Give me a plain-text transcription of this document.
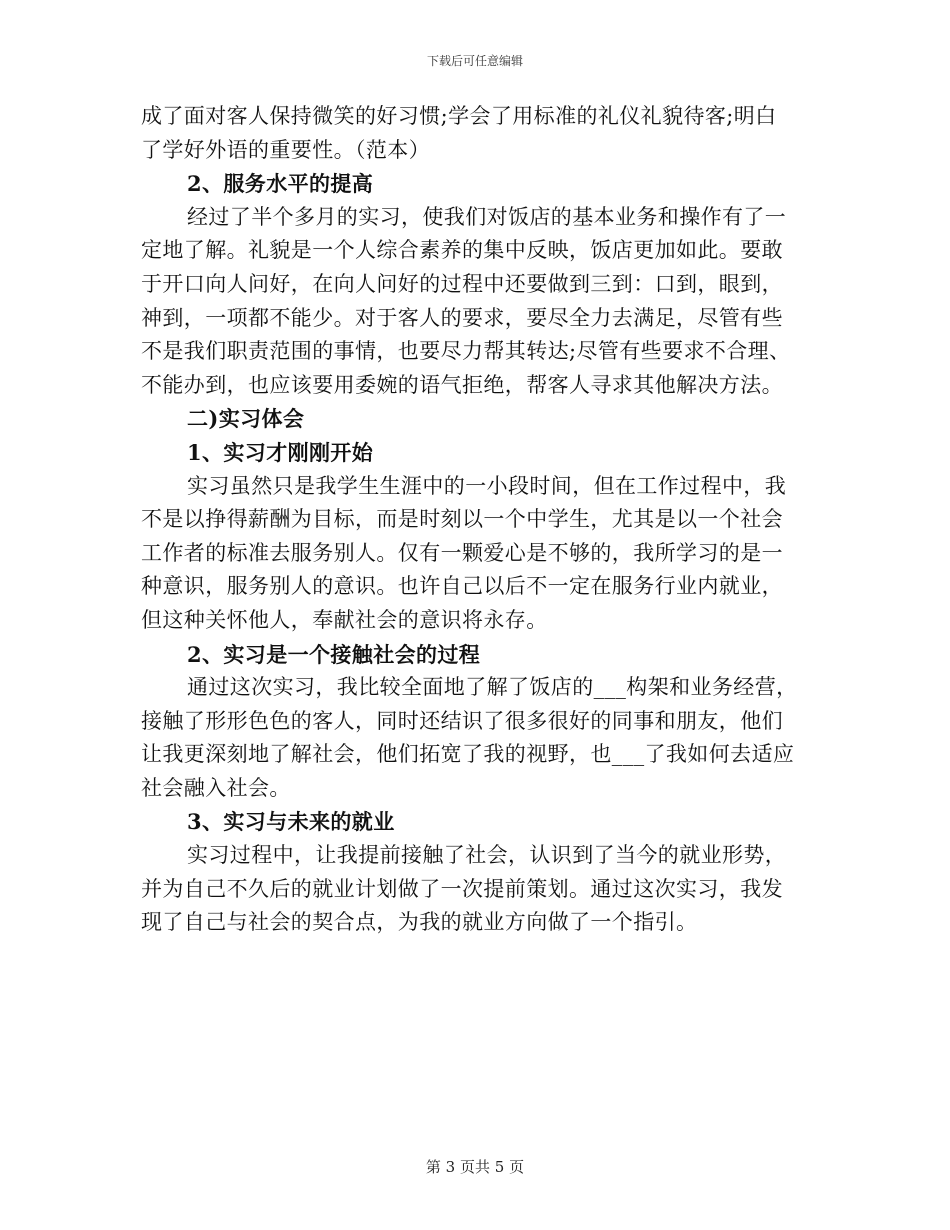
下载后可任意编辑
成了面对客人保持微笑的好习惯;学会了用标准的礼仪礼貌待客;明白
了学好外语的重要性。（范本）
2、服务水平的提高
经过了半个多月的实习，使我们对饭店的基本业务和操作有了一
定地了解。礼貌是一个人综合素养的集中反映，饭店更加如此。要敢
于开口向人问好，在向人问好的过程中还要做到三到：口到，眼到，
神到，一项都不能少。对于客人的要求，要尽全力去满足，尽管有些
不是我们职责范围的事情，也要尽力帮其转达;尽管有些要求不合理、
不能办到，也应该要用委婉的语气拒绝，帮客人寻求其他解决方法。
二)实习体会
1、实习才刚刚开始
实习虽然只是我学生生涯中的一小段时间，但在工作过程中，我
不是以挣得薪酬为目标，而是时刻以一个中学生，尤其是以一个社会
工作者的标准去服务别人。仅有一颗爱心是不够的，我所学习的是一
种意识，服务别人的意识。也许自己以后不一定在服务行业内就业，
但这种关怀他人，奉献社会的意识将永存。
2、实习是一个接触社会的过程
通过这次实习，我比较全面地了解了饭店的___构架和业务经营，
接触了形形色色的客人，同时还结识了很多很好的同事和朋友，他们
让我更深刻地了解社会，他们拓宽了我的视野，也___了我如何去适应
社会融入社会。
3、实习与未来的就业
实习过程中，让我提前接触了社会，认识到了当今的就业形势，
并为自己不久后的就业计划做了一次提前策划。通过这次实习，我发
现了自己与社会的契合点，为我的就业方向做了一个指引。
第 3 页共 5 页
